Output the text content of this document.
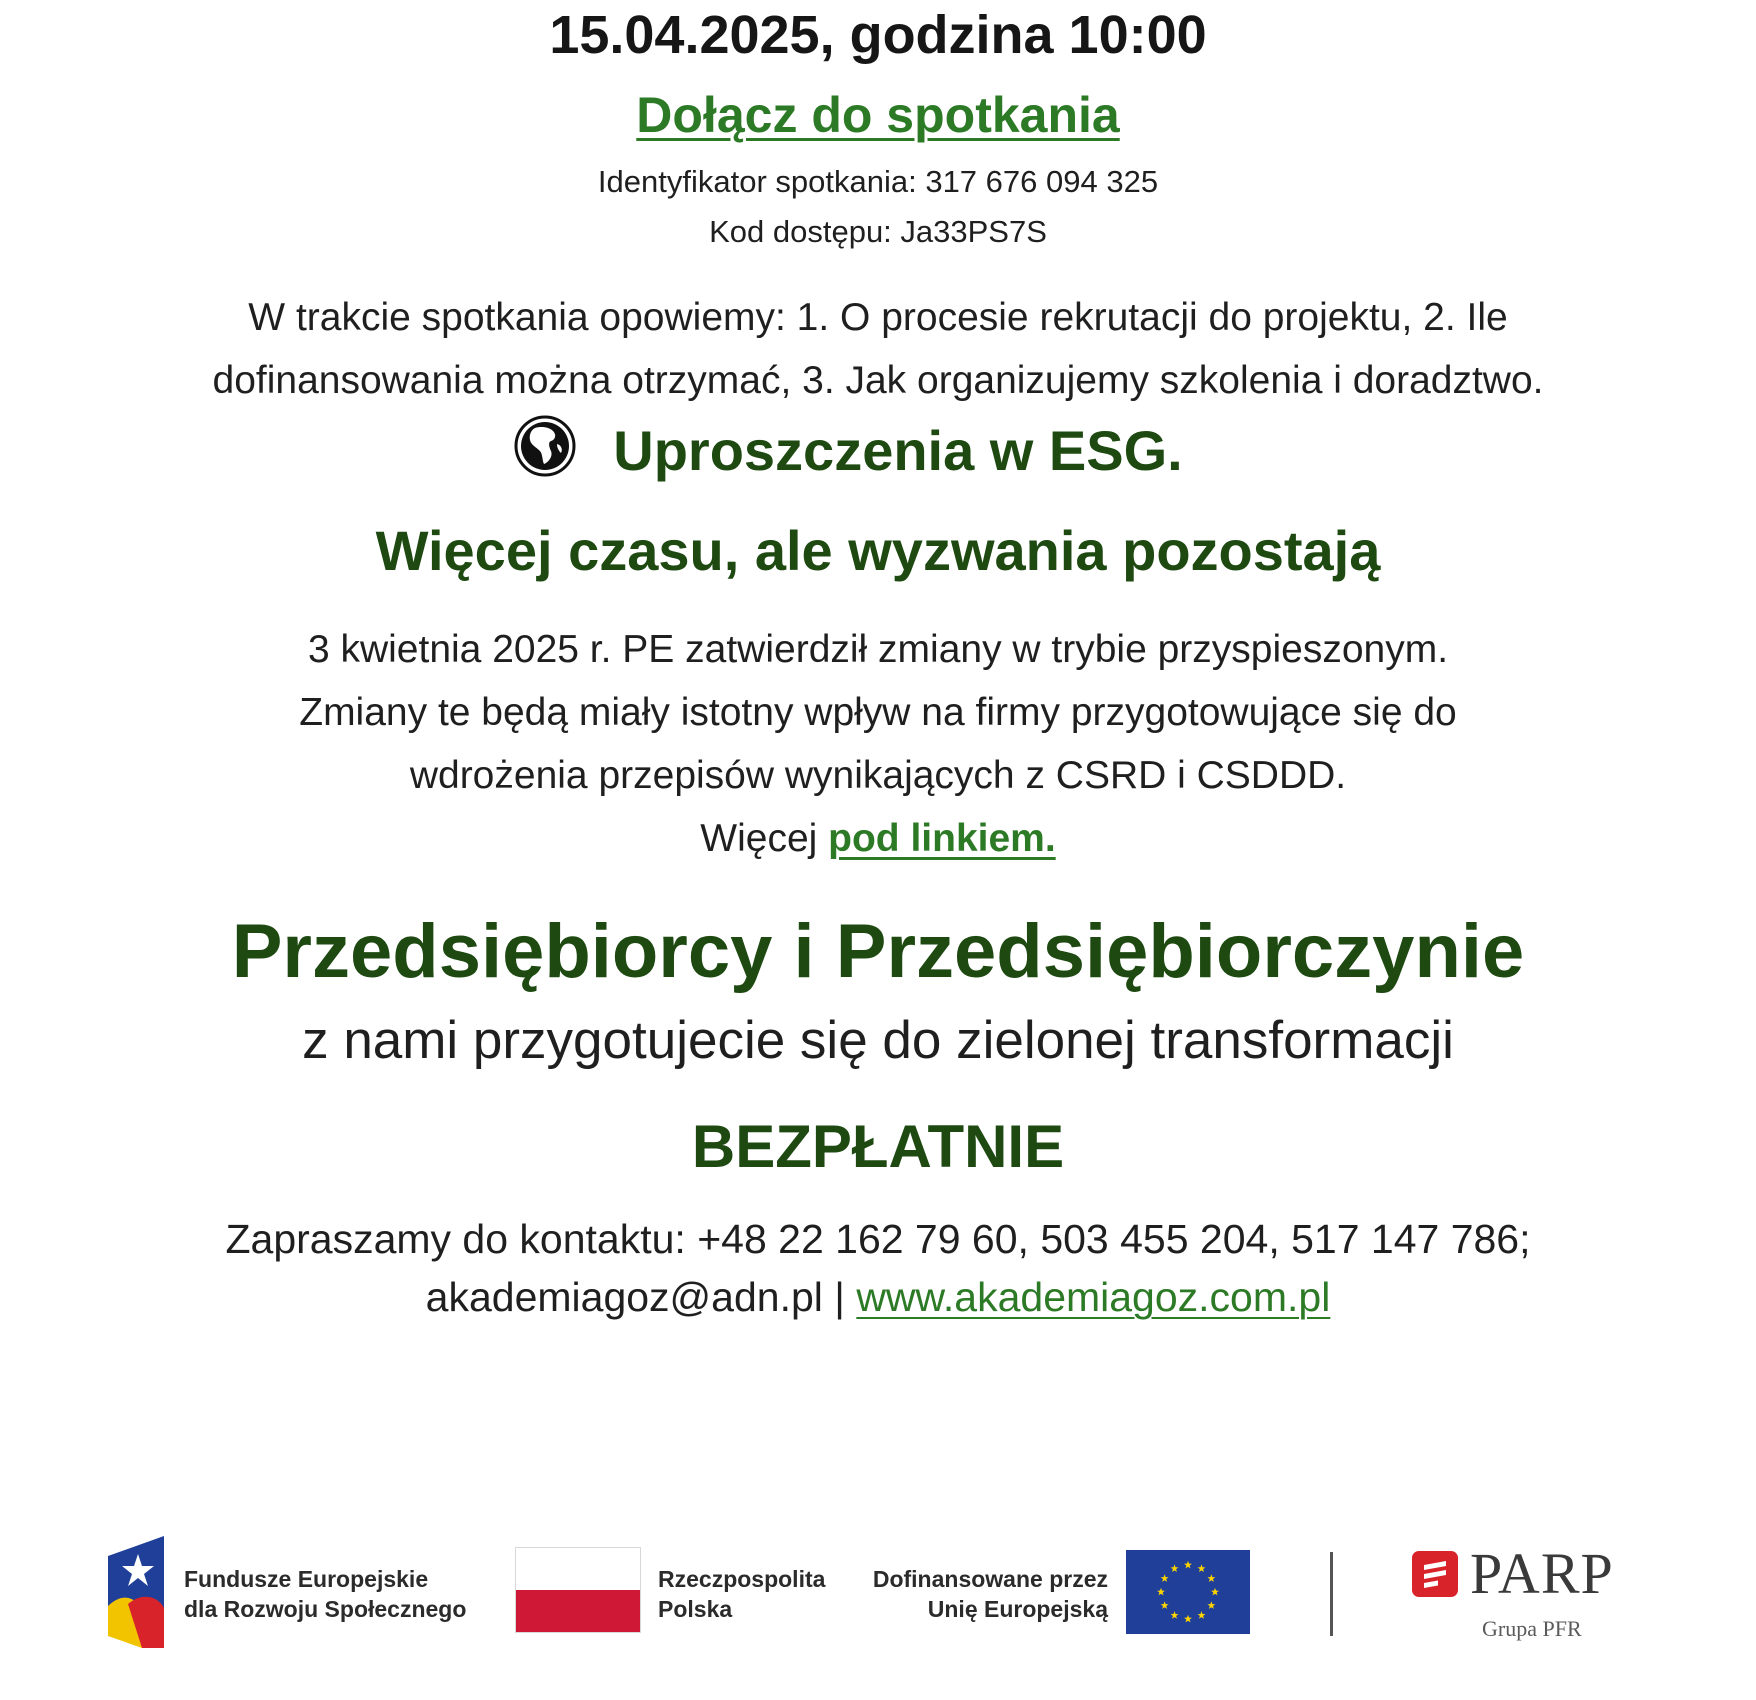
15.04.2025, godzina 10:00
Dołącz do spotkania
Identyfikator spotkania: 317 676 094 325
Kod dostępu: Ja33PS7S
W trakcie spotkania opowiemy: 1. O procesie rekrutacji do projektu, 2. Ile
dofinansowania można otrzymać, 3. Jak organizujemy szkolenia i doradztwo.
Uproszczenia w ESG.
Więcej czasu, ale wyzwania pozostają
3 kwietnia 2025 r. PE zatwierdził zmiany w trybie przyspieszonym.
Zmiany te będą miały istotny wpływ na firmy przygotowujące się do
wdrożenia przepisów wynikających z CSRD i CSDDD.
Więcej pod linkiem.
Przedsiębiorcy i Przedsiębiorczynie
z nami przygotujecie się do zielonej transformacji
BEZPŁATNIE
Zapraszamy do kontaktu: +48 22 162 79 60, 503 455 204, 517 147 786;
akademiagoz@adn.pl | www.akademiagoz.com.pl
Fundusze Europejskie
dla Rozwoju Społecznego
Rzeczpospolita
Polska
Dofinansowane przez
Unię Europejską
PARP
Grupa PFR
